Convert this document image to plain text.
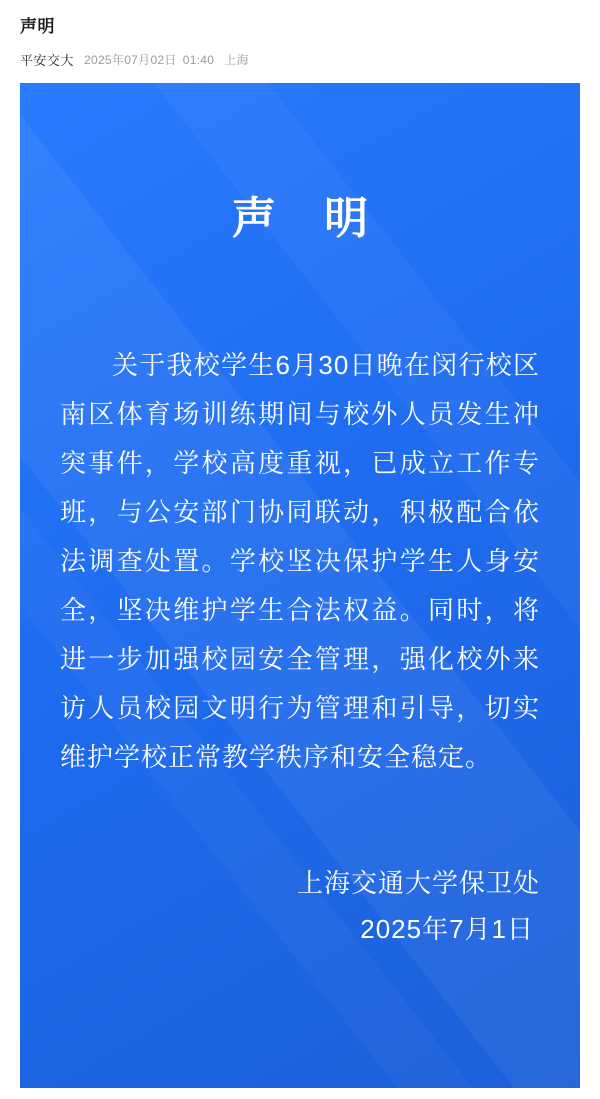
声明
平安交大 2025年07月02日 01:40 上海
声 明

关于我校学生6月30日晚在闵行校区南区体育场训练期间与校外人员发生冲突事件，学校高度重视，已成立工作专班，与公安部门协同联动，积极配合依法调查处置。学校坚决保护学生人身安全，坚决维护学生合法权益。同时，将进一步加强校园安全管理，强化校外来访人员校园文明行为管理和引导，切实维护学校正常教学秩序和安全稳定。

上海交通大学保卫处
2025年7月1日
